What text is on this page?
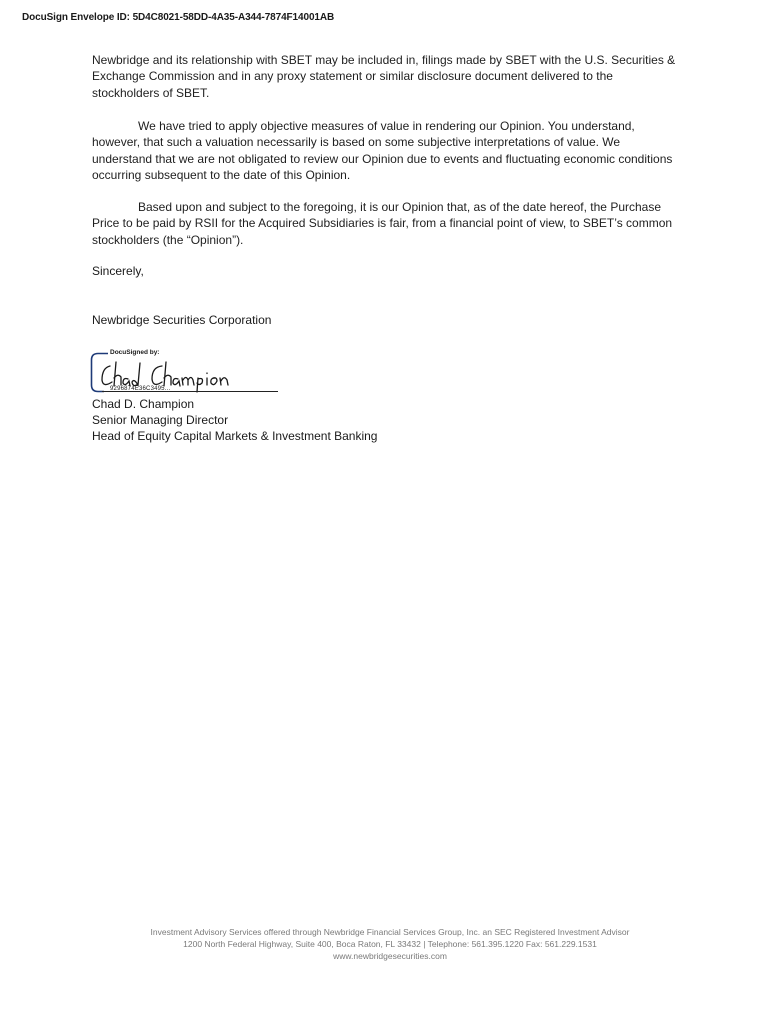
DocuSign Envelope ID: 5D4C8021-58DD-4A35-A344-7874F14001AB
Newbridge and its relationship with SBET may be included in, filings made by SBET with the U.S. Securities & Exchange Commission and in any proxy statement or similar disclosure document delivered to the stockholders of SBET.
We have tried to apply objective measures of value in rendering our Opinion. You understand, however, that such a valuation necessarily is based on some subjective interpretations of value. We understand that we are not obligated to review our Opinion due to events and fluctuating economic conditions occurring subsequent to the date of this Opinion.
Based upon and subject to the foregoing, it is our Opinion that, as of the date hereof, the Purchase Price to be paid by RSII for the Acquired Subsidiaries is fair, from a financial point of view, to SBET’s common stockholders (the “Opinion”).
Sincerely,
Newbridge Securities Corporation
DocuSigned by:
9296874E36C3495...
Chad D. Champion
Senior Managing Director
Head of Equity Capital Markets & Investment Banking
Investment Advisory Services offered through Newbridge Financial Services Group, Inc. an SEC Registered Investment Advisor
1200 North Federal Highway, Suite 400, Boca Raton, FL 33432 | Telephone: 561.395.1220 Fax: 561.229.1531
www.newbridgesecurities.com
